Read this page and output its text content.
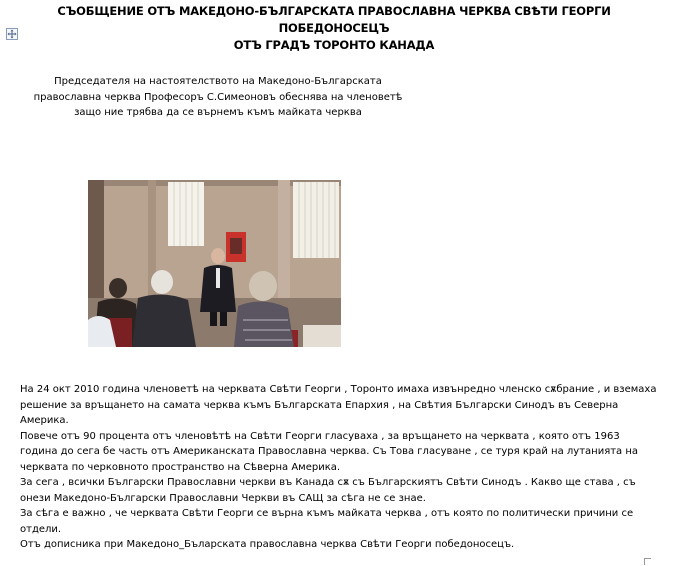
СЪОБЩЕНИЕ ОТЪ МАКЕДОНО-БЪЛГАРСКАТА ПРАВОСЛАВНА ЧЕРКВА СВѢТИ ГЕОРГИ ПОБЕДОНОСЕЦЪ
ОТЪ ГРАДЪ ТОРОНТО КАНАДА

Председателя на настоятелството на Македоно-Българската
православна черква Професоръ С.Симеоновъ обеснява на членоветѣ
защо ние трябва да се върнемъ къмъ майката черква

На 24 окт 2010 година членоветѣ на черквата Свѣти Георги , Торонто имаха извънредно членско сѫбрание , и вземаха решение за връщането на самата черква къмъ Българската Епархия , на Свѣтия Български Синодъ въ Северна Америка.

Повече отъ 90 процента отъ членовѣтѣ на Свѣти Георги гласуваха , за връщането на черквата , която отъ 1963 година до сега бе часть отъ Американската Православна черква. Съ Това гласуване , се туря край на лутанията на черквата по черковното пространство на Сѣверна Америка.

За сега , всички Български Православни черкви въ Канада сѫ съ Българскиятъ Свѣти Синодъ . Какво ще става , съ онези Македоно-Български Православни Черкви въ САЩ за сѣга не се знае.

За сѣга е важно , че черквата Свѣти Георги се върна къмъ майката черква , отъ която по политически причини се отдели.

Отъ дописника при Македоно_Бъларската православна черква Свѣти Георги победоносецъ.
